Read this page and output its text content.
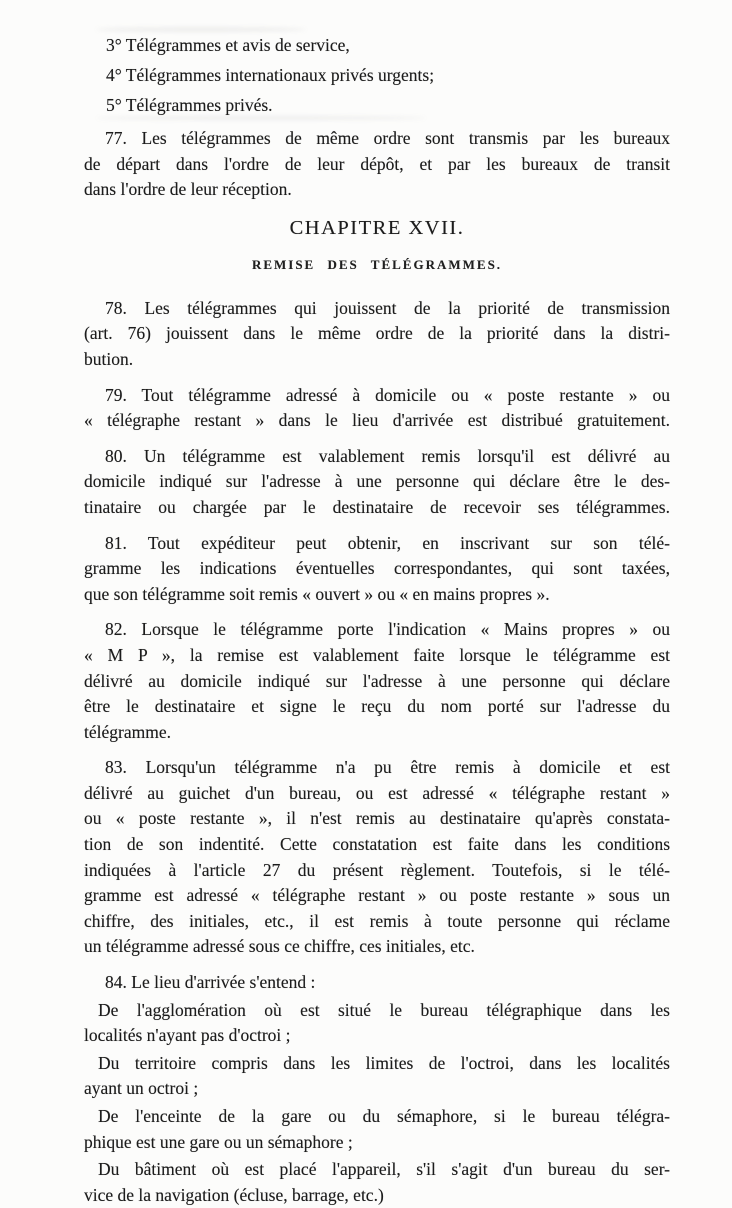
3° Télégrammes et avis de service,
4° Télégrammes internationaux privés urgents;
5° Télégrammes privés.
77. Les télégrammes de même ordre sont transmis par les bureaux
de départ dans l'ordre de leur dépôt, et par les bureaux de transit
dans l'ordre de leur réception.
CHAPITRE XVII.
REMISE DES TÉLÉGRAMMES.
78. Les télégrammes qui jouissent de la priorité de transmission
(art. 76) jouissent dans le même ordre de la priorité dans la distri-
bution.
79. Tout télégramme adressé à domicile ou « poste restante » ou
« télégraphe restant » dans le lieu d'arrivée est distribué gratuitement.
80. Un télégramme est valablement remis lorsqu'il est délivré au
domicile indiqué sur l'adresse à une personne qui déclare être le des-
tinataire ou chargée par le destinataire de recevoir ses télégrammes.
81. Tout expéditeur peut obtenir, en inscrivant sur son télé-
gramme les indications éventuelles correspondantes, qui sont taxées,
que son télégramme soit remis « ouvert » ou « en mains propres ».
82. Lorsque le télégramme porte l'indication « Mains propres » ou
« M P », la remise est valablement faite lorsque le télégramme est
délivré au domicile indiqué sur l'adresse à une personne qui déclare
être le destinataire et signe le reçu du nom porté sur l'adresse du
télégramme.
83. Lorsqu'un télégramme n'a pu être remis à domicile et est
délivré au guichet d'un bureau, ou est adressé « télégraphe restant »
ou « poste restante », il n'est remis au destinataire qu'après constata-
tion de son indentité. Cette constatation est faite dans les conditions
indiquées à l'article 27 du présent règlement. Toutefois, si le télé-
gramme est adressé « télégraphe restant » ou poste restante » sous un
chiffre, des initiales, etc., il est remis à toute personne qui réclame
un télégramme adressé sous ce chiffre, ces initiales, etc.
84. Le lieu d'arrivée s'entend :
De l'agglomération où est situé le bureau télégraphique dans les
localités n'ayant pas d'octroi ;
Du territoire compris dans les limites de l'octroi, dans les localités
ayant un octroi ;
De l'enceinte de la gare ou du sémaphore, si le bureau télégra-
phique est une gare ou un sémaphore ;
Du bâtiment où est placé l'appareil, s'il s'agit d'un bureau du ser-
vice de la navigation (écluse, barrage, etc.)
